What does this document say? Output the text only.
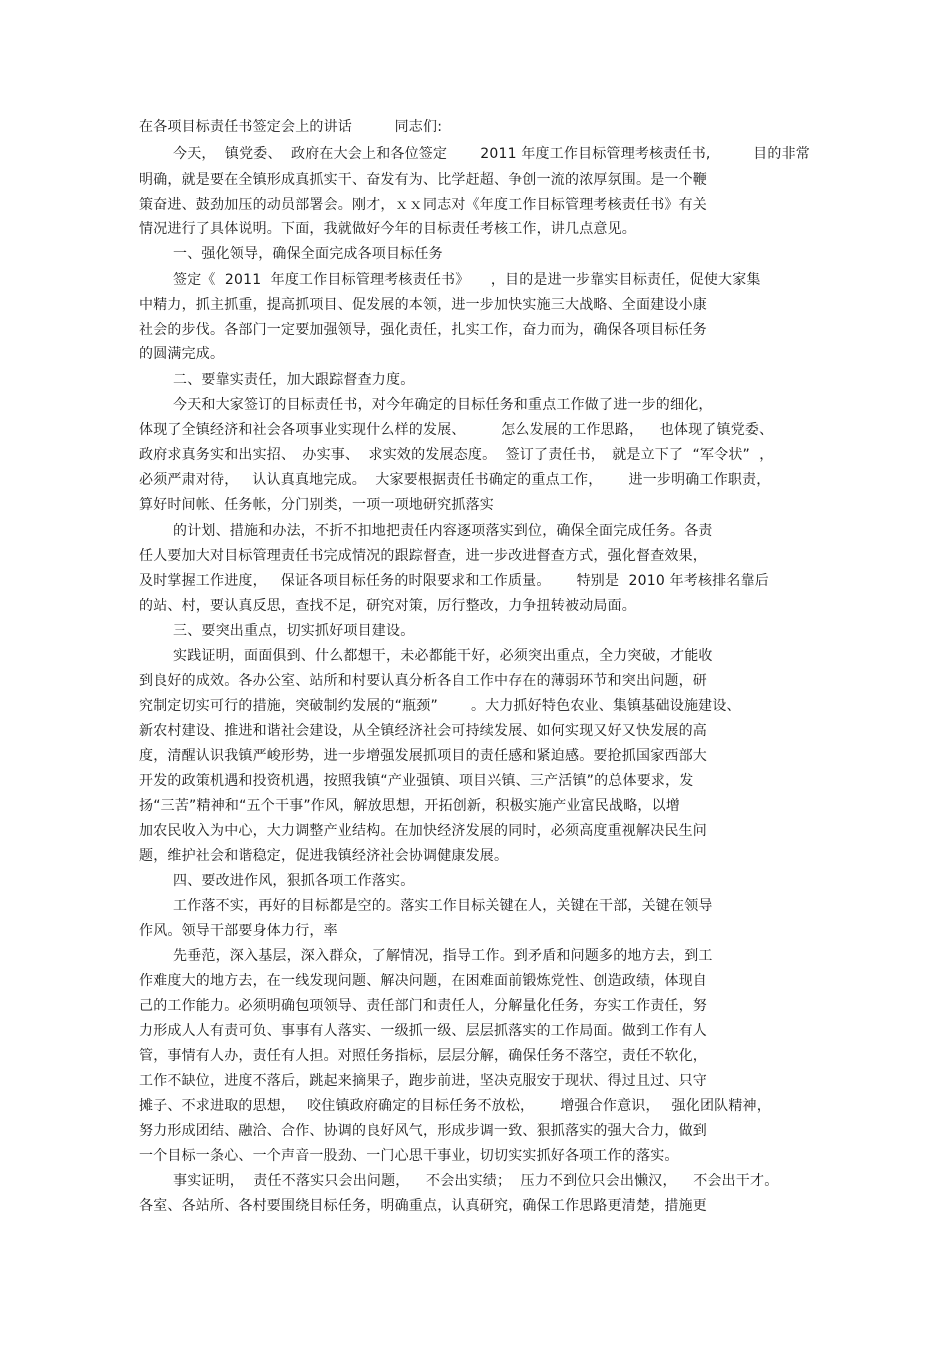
在各项目标责任书签定会上的讲话　　　同志们:
今天，  镇党委、  政府在大会上和各位签定　　 2011 年度工作目标管理考核责任书,　　　目的非常
明确，就是要在全镇形成真抓实干、奋发有为、比学赶超、争创一流的浓厚氛围。是一个鞭
策奋进、鼓劲加压的动员部署会。刚才，ｘｘ同志对《年度工作目标管理考核责任书》有关
情况进行了具体说明。下面，我就做好今年的目标责任考核工作，讲几点意见。
一、强化领导，确保全面完成各项目标任务
签定《  2011  年度工作目标管理考核责任书》　　，目的是进一步靠实目标责任，促使大家集
中精力，抓主抓重，提高抓项目、促发展的本领，进一步加快实施三大战略、全面建设小康
社会的步伐。各部门一定要加强领导，强化责任，扎实工作，奋力而为，确保各项目标任务
的圆满完成。
二、要靠实责任，加大跟踪督查力度。
今天和大家签订的目标责任书，对今年确定的目标任务和重点工作做了进一步的细化，
体现了全镇经济和社会各项事业实现什么样的发展、　　　怎么发展的工作思路，　  也体现了镇党委、
政府求真务实和出实招、　办实事、  求实效的发展态度。  签订了责任书，　就是立下了  “军令状”  ，
必须严肃对待，   认认真真地完成。  大家要根据责任书确定的重点工作，　　 进一步明确工作职责，
算好时间帐、任务帐，分门别类，一项一项地研究抓落实
的计划、措施和办法，不折不扣地把责任内容逐项落实到位，确保全面完成任务。各责
任人要加大对目标管理责任书完成情况的跟踪督查，进一步改进督查方式，强化督查效果，
及时掌握工作进度，   保证各项目标任务的时限要求和工作质量。　　 特别是  2010 年考核排名靠后
的站、村，要认真反思，查找不足，研究对策，厉行整改，力争扭转被动局面。
三、要突出重点，切实抓好项目建设。
实践证明，面面俱到、什么都想干，未必都能干好，必须突出重点，全力突破，才能收
到良好的成效。各办公室、站所和村要认真分析各自工作中存在的薄弱环节和突出问题，研
究制定切实可行的措施，突破制约发展的“瓶颈”　　 。大力抓好特色农业、集镇基础设施建设、
新农村建设、推进和谐社会建设，从全镇经济社会可持续发展、如何实现又好又快发展的高
度，清醒认识我镇严峻形势，进一步增强发展抓项目的责任感和紧迫感。要抢抓国家西部大
开发的政策机遇和投资机遇，按照我镇“产业强镇、项目兴镇、三产活镇”的总体要求，发
扬“三苦”精神和“五个干事”作风，解放思想，开拓创新，积极实施产业富民战略，以增
加农民收入为中心，大力调整产业结构。在加快经济发展的同时，必须高度重视解决民生问
题，维护社会和谐稳定，促进我镇经济社会协调健康发展。
四、要改进作风，狠抓各项工作落实。
工作落不实，再好的目标都是空的。落实工作目标关键在人，关键在干部，关键在领导
作风。领导干部要身体力行，率
先垂范，深入基层，深入群众，了解情况，指导工作。到矛盾和问题多的地方去，到工
作难度大的地方去，在一线发现问题、解决问题，在困难面前锻炼党性、创造政绩，体现自
己的工作能力。必须明确包项领导、责任部门和责任人，分解量化任务，夯实工作责任，努
力形成人人有责可负、事事有人落实、一级抓一级、层层抓落实的工作局面。做到工作有人
管，事情有人办，责任有人担。对照任务指标，层层分解，确保任务不落空，责任不软化，
工作不缺位，进度不落后，跳起来摘果子，跑步前进，坚决克服安于现状、得过且过、只守
摊子、不求进取的思想，　 咬住镇政府确定的目标任务不放松，　　 增强合作意识，　 强化团队精神，
努力形成团结、融洽、合作、协调的良好风气，形成步调一致、狠抓落实的强大合力，做到
一个目标一条心、一个声音一股劲、一门心思干事业，切切实实抓好各项工作的落实。
事实证明，  责任不落实只会出问题，　  不会出实绩；  压力不到位只会出懒汉，　  不会出干才。
各室、各站所、各村要围绕目标任务，明确重点，认真研究，确保工作思路更清楚，措施更
